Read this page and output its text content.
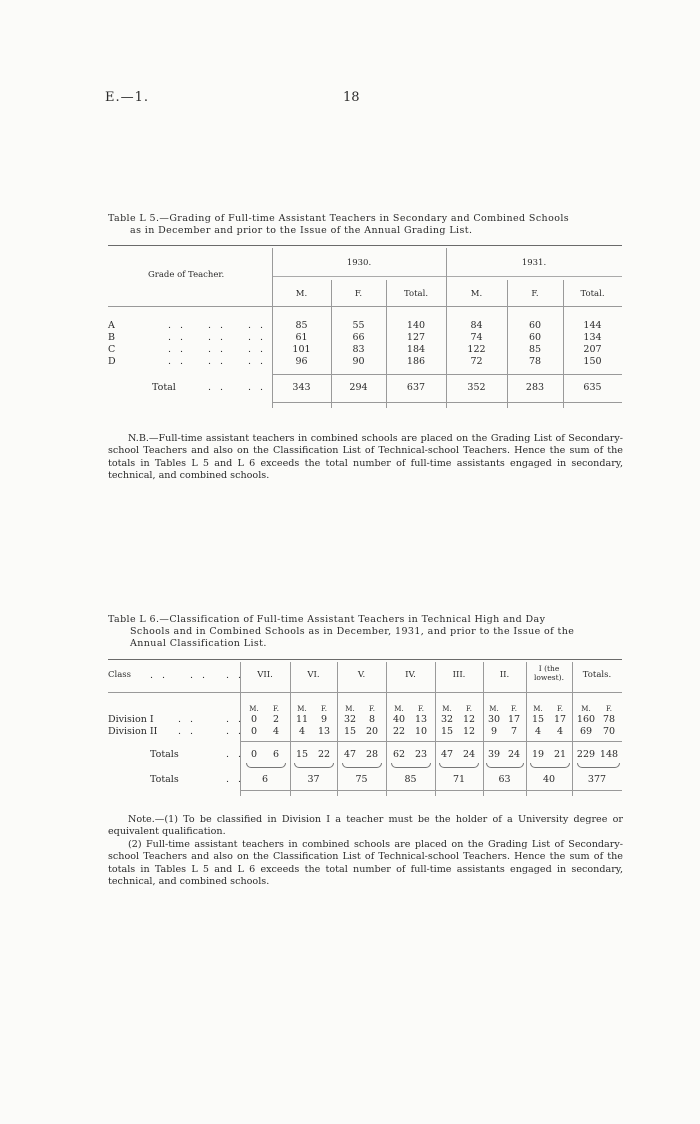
E.—1.	18
Table L 5.—Grading of Full-time Assistant Teachers in Secondary and Combined Schools
as in December and prior to the Issue of the Annual Grading List.
Grade of Teacher.
1930.	1931.
M.	F.	Total.	M.	F.	Total.
A	. . . . . .	85	55	140	84	60	144
B	. . . . . .	61	66	127	74	60	134
C	. . . . . .	101	83	184	122	85	207
D	. . . . . .	96	90	186	72	78	150
Total	. . . .	343	294	637	352	283	635

N.B.—Full-time assistant teachers in combined schools are placed on the Grading List of Secondary-school Teachers and also on the Classification List of Technical-school Teachers. Hence the sum of the totals in Tables L 5 and L 6 exceeds the total number of full-time assistants engaged in secondary, technical, and combined schools.

Table L 6.—Classification of Full-time Assistant Teachers in Technical High and Day
Schools and in Combined Schools as in December, 1931, and prior to the Issue of the
Annual Classification List.
Class . . . . . .	VII.	VI.	V.	IV.	III.	II.
I (the lowest).	Totals.
M.	F.	M.	F.	M.	F.	M.	F.	M.	F.	M.	F.	M.	F.	M.	F.
Division I	. .	. . 0	2	11	9	32	8	40	13	32	12	30 17	15	17	160 78
Division II . .	. . 0	4	4	13	15	20	22	10	15	12	9	7	4	4	69	70
Totals	. . 0	6	15	22	47	28	62	23	47	24	39 24	19	21	229 148
Totals	. .	6	37	75	85	71	63	40	377

Note.—(1) To be classified in Division I a teacher must be the holder of a University degree or equivalent qualification.

(2) Full-time assistant teachers in combined schools are placed on the Grading List of Secondary-school Teachers and also on the Classification List of Technical-school Teachers. Hence the sum of the totals in Tables L 5 and L 6 exceeds the total number of full-time assistants engaged in secondary, technical, and combined schools.
